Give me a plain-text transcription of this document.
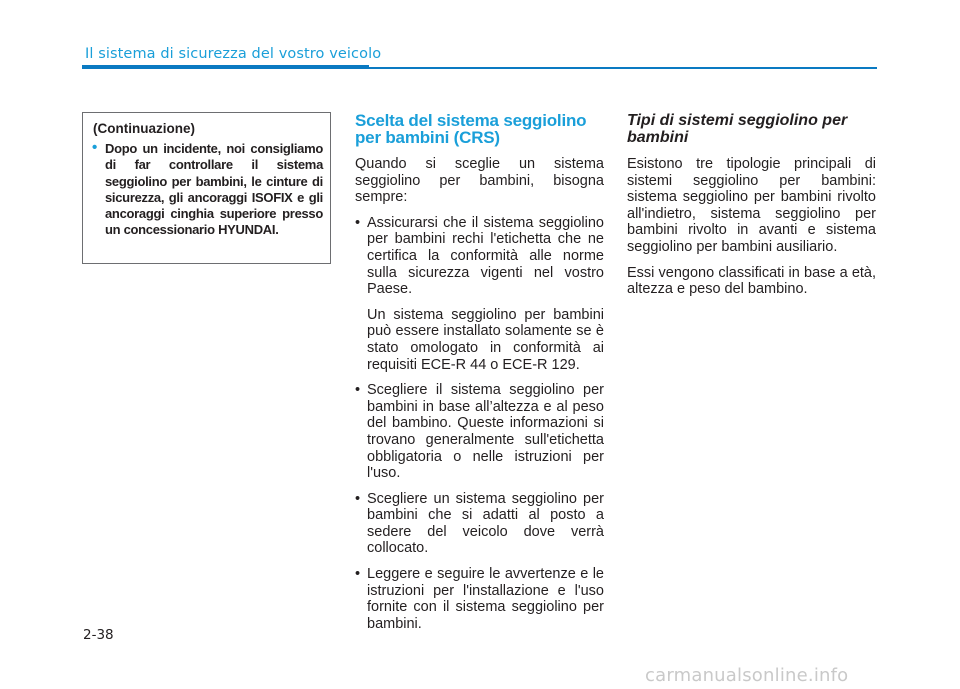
Il sistema di sicurezza del vostro veicolo
(Continuazione)
• Dopo un incidente, noi consigliamo di far controllare il sistema seggiolino per bambini, le cinture di sicurezza, gli ancoraggi ISOFIX e gli ancoraggi cinghia superiore presso un concessionario HYUNDAI.
Scelta del sistema seggiolino per bambini (CRS)

Quando si sceglie un sistema seggiolino per bambini, bisogna sempre:

• Assicurarsi che il sistema seggiolino per bambini rechi l'etichetta che ne certifica la conformità alle norme sulla sicurezza vigenti nel vostro Paese.
Un sistema seggiolino per bambini può essere installato solamente se è stato omologato in conformità ai requisiti ECE-R 44 o ECE-R 129.
• Scegliere il sistema seggiolino per bambini in base all’altezza e al peso del bambino. Queste informazioni si trovano generalmente sull'etichetta obbligatoria o nelle istruzioni per l'uso.
• Scegliere un sistema seggiolino per bambini che si adatti al posto a sedere del veicolo dove verrà collocato.
• Leggere e seguire le avvertenze e le istruzioni per l'installazione e l'uso fornite con il sistema seggiolino per bambini.
Tipi di sistemi seggiolino per bambini

Esistono tre tipologie principali di sistemi seggiolino per bambini: sistema seggiolino per bambini rivolto all'indietro, sistema seggiolino per bambini rivolto in avanti e sistema seggiolino per bambini ausiliario.

Essi vengono classificati in base a età, altezza e peso del bambino.

2-38
carmanualsonline.info
